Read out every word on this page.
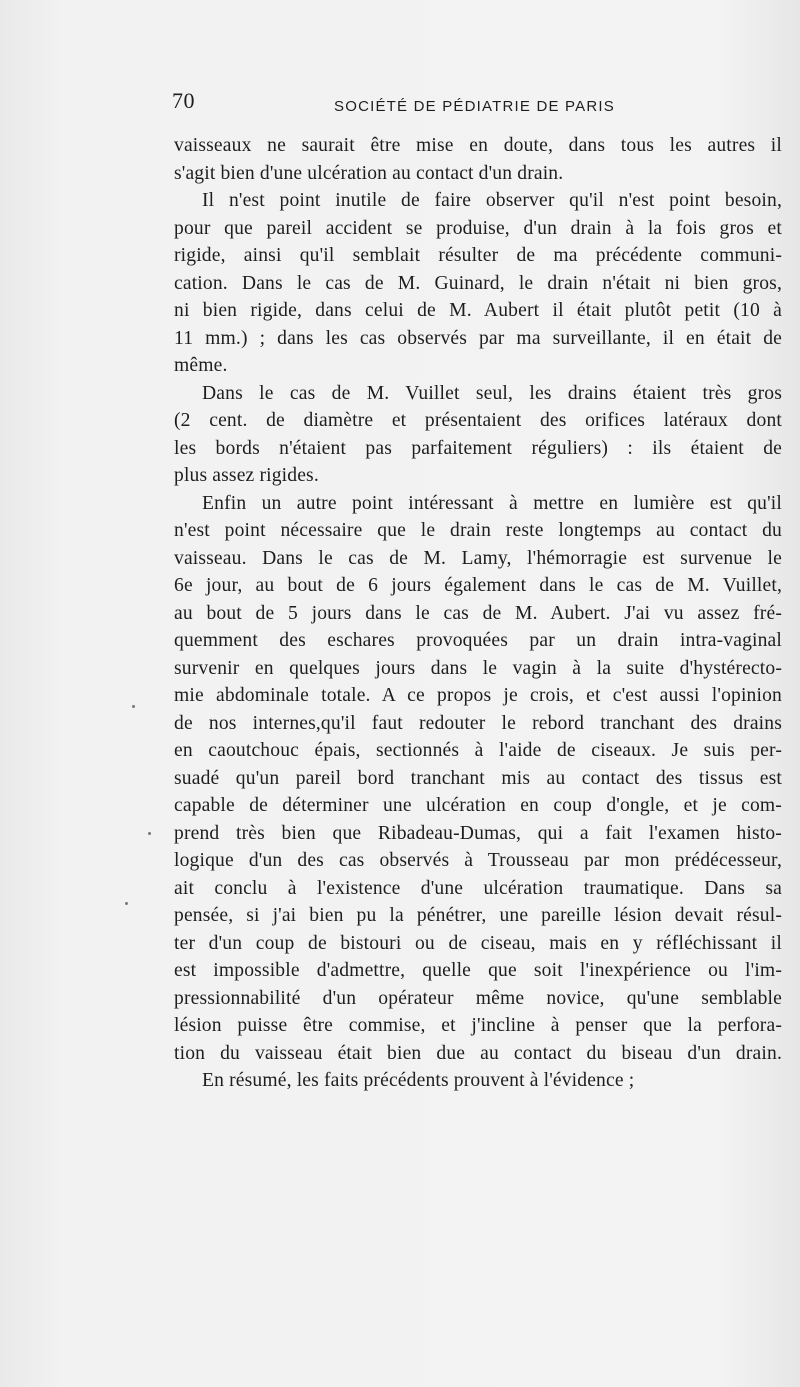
70	SOCIÉTÉ DE PÉDIATRIE DE PARIS
vaisseaux ne saurait être mise en doute, dans tous les autres il
s'agit bien d'une ulcération au contact d'un drain.
Il n'est point inutile de faire observer qu'il n'est point besoin,
pour que pareil accident se produise, d'un drain à la fois gros et
rigide, ainsi qu'il semblait résulter de ma précédente communi-
cation. Dans le cas de M. Guinard, le drain n'était ni bien gros,
ni bien rigide, dans celui de M. Aubert il était plutôt petit (10 à
11 mm.) ; dans les cas observés par ma surveillante, il en était de
même.
Dans le cas de M. Vuillet seul, les drains étaient très gros
(2 cent. de diamètre et présentaient des orifices latéraux dont
les bords n'étaient pas parfaitement réguliers) : ils étaient de
plus assez rigides.
Enfin un autre point intéressant à mettre en lumière est qu'il
n'est point nécessaire que le drain reste longtemps au contact du
vaisseau. Dans le cas de M. Lamy, l'hémorragie est survenue le
6e jour, au bout de 6 jours également dans le cas de M. Vuillet,
au bout de 5 jours dans le cas de M. Aubert. J'ai vu assez fré-
quemment des eschares provoquées par un drain intra-vaginal
survenir en quelques jours dans le vagin à la suite d'hystérecto-
mie abdominale totale. A ce propos je crois, et c'est aussi l'opinion
de nos internes,qu'il faut redouter le rebord tranchant des drains
en caoutchouc épais, sectionnés à l'aide de ciseaux. Je suis per-
suadé qu'un pareil bord tranchant mis au contact des tissus est
capable de déterminer une ulcération en coup d'ongle, et je com-
prend très bien que Ribadeau-Dumas, qui a fait l'examen histo-
logique d'un des cas observés à Trousseau par mon prédécesseur,
ait conclu à l'existence d'une ulcération traumatique. Dans sa
pensée, si j'ai bien pu la pénétrer, une pareille lésion devait résul-
ter d'un coup de bistouri ou de ciseau, mais en y réfléchissant il
est impossible d'admettre, quelle que soit l'inexpérience ou l'im-
pressionnabilité d'un opérateur même novice, qu'une semblable
lésion puisse être commise, et j'incline à penser que la perfora-
tion du vaisseau était bien due au contact du biseau d'un drain.
En résumé, les faits précédents prouvent à l'évidence ;
